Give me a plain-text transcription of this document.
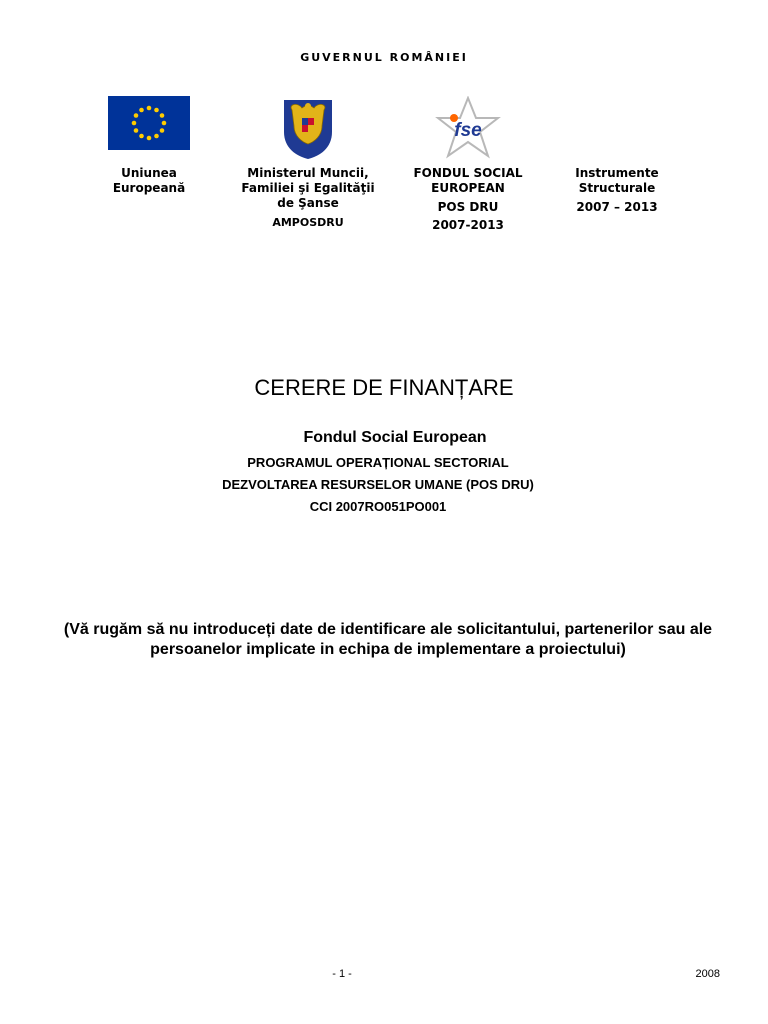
GUVERNUL ROMÂNIEI
Uniunea
Europeană
Ministerul Muncii,
Familiei şi Egalităţii
de Şanse
AMPOSDRU
fse
FONDUL SOCIAL
EUROPEAN
POS DRU
2007-2013
Instrumente
Structurale
2007 – 2013
CERERE DE FINANȚARE
Fondul Social European
PROGRAMUL OPERAȚIONAL SECTORIAL
DEZVOLTAREA RESURSELOR UMANE (POS DRU)
CCI 2007RO051PO001
(Vă rugăm să nu introduceți date de identificare ale solicitantului, partenerilor sau ale persoanelor implicate in echipa de implementare a proiectului)
- 1 -	2008
